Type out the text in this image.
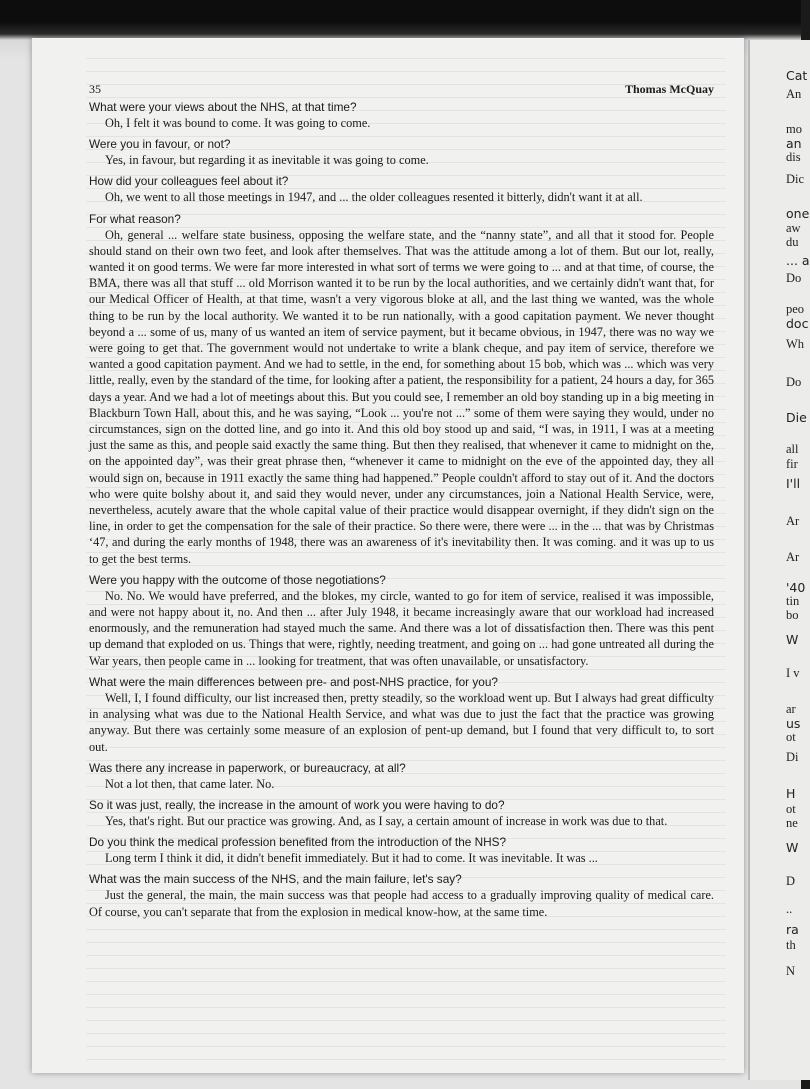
Cat
An
mo
an
dis
Dic
one
aw
du
... a
Do
peo
doc
Wh
Do
Die
all
fir
I'll
Ar
Ar
'40
tin
bo
W
I v
ar
us
ot
Di
H
ot
ne
W
D
..
ra
th
N
35	Thomas McQuay

What were your views about the NHS, at that time?

Oh, I felt it was bound to come. It was going to come.

Were you in favour, or not?

Yes, in favour, but regarding it as inevitable it was going to come.

How did your colleagues feel about it?

Oh, we went to all those meetings in 1947, and ... the older colleagues resented it bitterly, didn't want it at all.

For what reason?

Oh, general ... welfare state business, opposing the welfare state, and the “nanny state”, and all that it stood for. People should stand on their own two feet, and look after themselves. That was the attitude among a lot of them. But our lot, really, wanted it on good terms. We were far more interested in what sort of terms we were going to ... and at that time, of course, the BMA, there was all that stuff ... old Morrison wanted it to be run by the local authorities, and we certainly didn't want that, for our Medical Officer of Health, at that time, wasn't a very vigorous bloke at all, and the last thing we wanted, was the whole thing to be run by the local authority. We wanted it to be run nationally, with a good capitation payment. We never thought beyond a ... some of us, many of us wanted an item of service payment, but it became obvious, in 1947, there was no way we were going to get that. The government would not undertake to write a blank cheque, and pay item of service, therefore we wanted a good capitation payment. And we had to settle, in the end, for something about 15 bob, which was ... which was very little, really, even by the standard of the time, for looking after a patient, the responsibility for a patient, 24 hours a day, for 365 days a year. And we had a lot of meetings about this. But you could see, I remember an old boy standing up in a big meeting in Blackburn Town Hall, about this, and he was saying, “Look ... you're not ...” some of them were saying they would, under no circumstances, sign on the dotted line, and go into it. And this old boy stood up and said, “I was, in 1911, I was at a meeting just the same as this, and people said exactly the same thing. But then they realised, that whenever it came to midnight on the, on the appointed day”, was their great phrase then, “whenever it came to midnight on the eve of the appointed day, they all would sign on, because in 1911 exactly the same thing had happened.” People couldn't afford to stay out of it. And the doctors who were quite bolshy about it, and said they would never, under any circumstances, join a National Health Service, were, nevertheless, acutely aware that the whole capital value of their practice would disappear overnight, if they didn't sign on the line, in order to get the compensation for the sale of their practice. So there were, there were ... in the ... that was by Christmas ‘47, and during the early months of 1948, there was an awareness of it's inevitability then. It was coming. and it was up to us to get the best terms.

Were you happy with the outcome of those negotiations?

No. No. We would have preferred, and the blokes, my circle, wanted to go for item of service, realised it was impossible, and were not happy about it, no. And then ... after July 1948, it became increasingly aware that our workload had increased enormously, and the remuneration had stayed much the same. And there was a lot of dissatisfaction then. There was this pent up demand that exploded on us. Things that were, rightly, needing treatment, and going on ... had gone untreated all during the War years, then people came in ... looking for treatment, that was often unavailable, or unsatisfactory.

What were the main differences between pre- and post-NHS practice, for you?

Well, I, I found difficulty, our list increased then, pretty steadily, so the workload went up. But I always had great difficulty in analysing what was due to the National Health Service, and what was due to just the fact that the practice was growing anyway. But there was certainly some measure of an explosion of pent-up demand, but I found that very difficult to, to sort out.

Was there any increase in paperwork, or bureaucracy, at all?

Not a lot then, that came later. No.

So it was just, really, the increase in the amount of work you were having to do?

Yes, that's right. But our practice was growing. And, as I say, a certain amount of increase in work was due to that.

Do you think the medical profession benefited from the introduction of the NHS?

Long term I think it did, it didn't benefit immediately. But it had to come. It was inevitable. It was ...

What was the main success of the NHS, and the main failure, let's say?

Just the general, the main, the main success was that people had access to a gradually improving quality of medical care. Of course, you can't separate that from the explosion in medical know-how, at the same time.
